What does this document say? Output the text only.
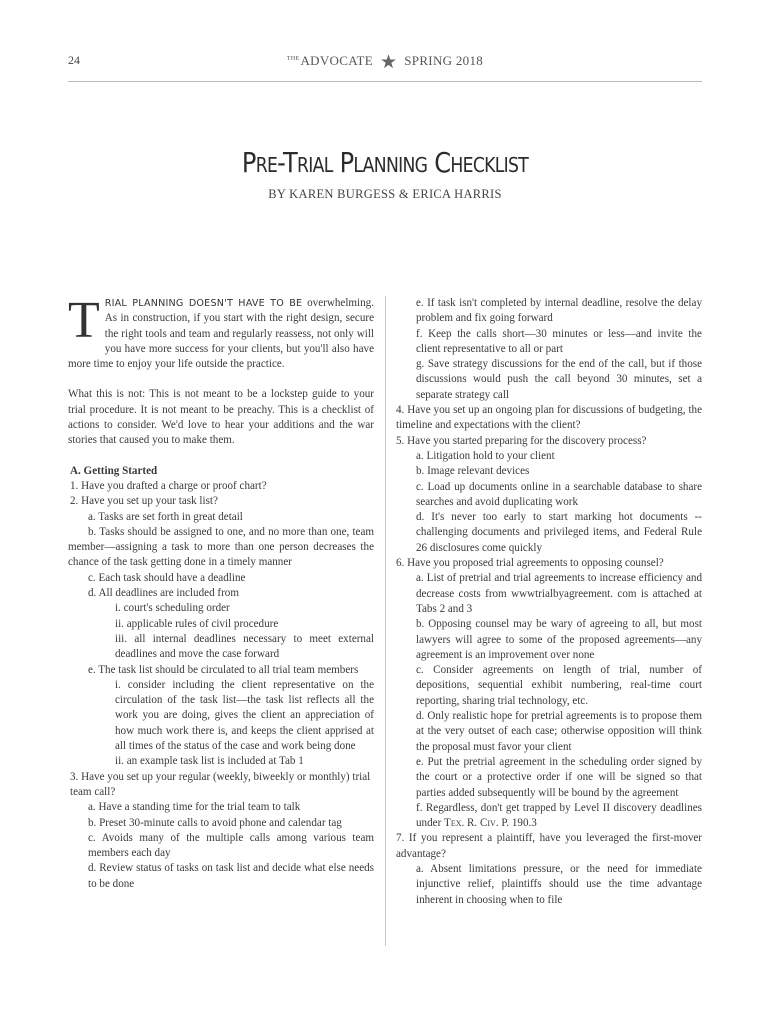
24	THEADVOCATE ★ SPRING 2018
Pre-Trial Planning Checklist
BY KAREN BURGESS & ERICA HARRIS

TRIAL PLANNING DOESN'T HAVE TO BE overwhelming. As in construction, if you start with the right design, secure the right tools and team and regularly reassess, not only will you have more success for your clients, but you'll also have more time to enjoy your life outside the practice.

What this is not: This is not meant to be a lockstep guide to your trial procedure. It is not meant to be preachy. This is a checklist of actions to consider. We'd love to hear your additions and the war stories that caused you to make them.

A. Getting Started

1. Have you drafted a charge or proof chart?

2. Have you set up your task list?

a. Tasks are set forth in great detail

b. Tasks should be assigned to one, and no more than one, team member—assigning a task to more than one person decreases the chance of the task getting done in a timely manner

c. Each task should have a deadline

d. All deadlines are included from

i. court's scheduling order

ii. applicable rules of civil procedure

iii. all internal deadlines necessary to meet external deadlines and move the case forward

e. The task list should be circulated to all trial team members

i. consider including the client representative on the circulation of the task list—the task list reflects all the work you are doing, gives the client an appreciation of how much work there is, and keeps the client apprised at all times of the status of the case and work being done

ii. an example task list is included at Tab 1

3. Have you set up your regular (weekly, biweekly or monthly) trial team call?

a. Have a standing time for the trial team to talk

b. Preset 30-minute calls to avoid phone and calendar tag

c. Avoids many of the multiple calls among various team members each day

d. Review status of tasks on task list and decide what else needs to be done

e. If task isn't completed by internal deadline, resolve the delay problem and fix going forward

f. Keep the calls short—30 minutes or less—and invite the client representative to all or part

g. Save strategy discussions for the end of the call, but if those discussions would push the call beyond 30 minutes, set a separate strategy call

4. Have you set up an ongoing plan for discussions of budgeting, the timeline and expectations with the client?

5. Have you started preparing for the discovery process?

a. Litigation hold to your client

b. Image relevant devices

c. Load up documents online in a searchable database to share searches and avoid duplicating work

d. It's never too early to start marking hot documents -- challenging documents and privileged items, and Federal Rule 26 disclosures come quickly

6. Have you proposed trial agreements to opposing counsel?

a. List of pretrial and trial agreements to increase efficiency and decrease costs from wwwtrialbyagreement. com is attached at Tabs 2 and 3

b. Opposing counsel may be wary of agreeing to all, but most lawyers will agree to some of the proposed agreements—any agreement is an improvement over none

c. Consider agreements on length of trial, number of depositions, sequential exhibit numbering, real-time court reporting, sharing trial technology, etc.

d. Only realistic hope for pretrial agreements is to propose them at the very outset of each case; otherwise opposition will think the proposal must favor your client

e. Put the pretrial agreement in the scheduling order signed by the court or a protective order if one will be signed so that parties added subsequently will be bound by the agreement

f. Regardless, don't get trapped by Level II discovery deadlines under Tex. R. Civ. P. 190.3

7. If you represent a plaintiff, have you leveraged the first-mover advantage?

a. Absent limitations pressure, or the need for immediate injunctive relief, plaintiffs should use the time advantage inherent in choosing when to file
